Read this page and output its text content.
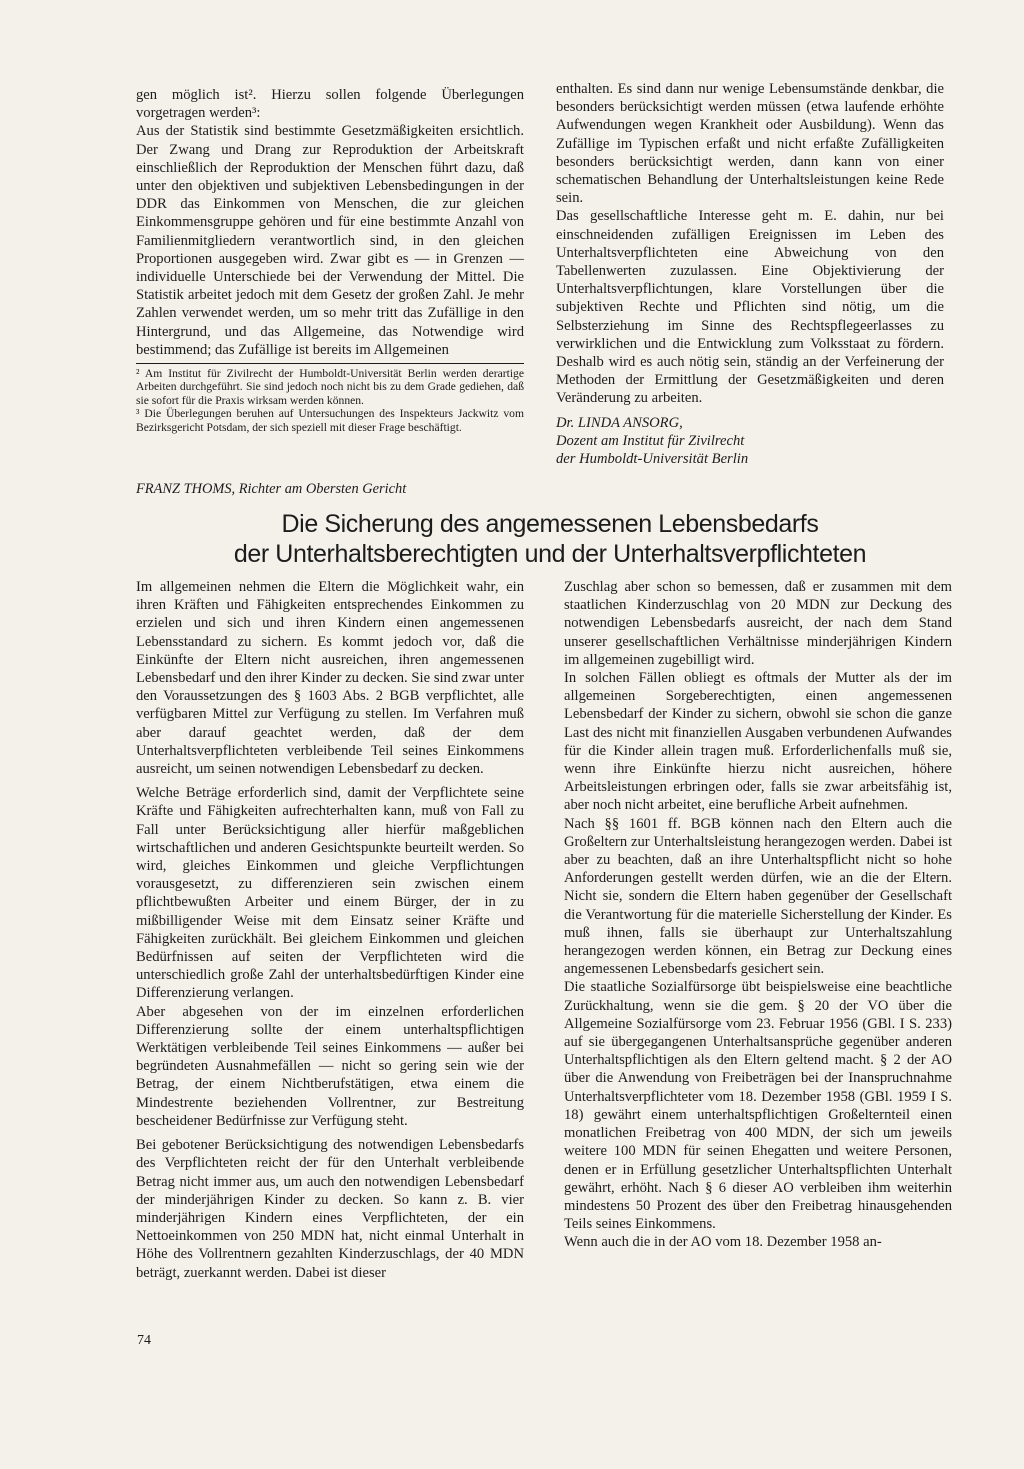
gen möglich ist². Hierzu sollen folgende Überlegungen vorgetragen werden³:

Aus der Statistik sind bestimmte Gesetzmäßigkeiten ersichtlich. Der Zwang und Drang zur Reproduktion der Arbeitskraft einschließlich der Reproduktion der Menschen führt dazu, daß unter den objektiven und subjektiven Lebensbedingungen in der DDR das Einkommen von Menschen, die zur gleichen Einkommensgruppe gehören und für eine bestimmte Anzahl von Familienmitgliedern verantwortlich sind, in den gleichen Proportionen ausgegeben wird. Zwar gibt es — in Grenzen — individuelle Unterschiede bei der Verwendung der Mittel. Die Statistik arbeitet jedoch mit dem Gesetz der großen Zahl. Je mehr Zahlen verwendet werden, um so mehr tritt das Zufällige in den Hintergrund, und das Allgemeine, das Notwendige wird bestimmend; das Zufällige ist bereits im Allgemeinen

² Am Institut für Zivilrecht der Humboldt-Universität Berlin werden derartige Arbeiten durchgeführt. Sie sind jedoch noch nicht bis zu dem Grade gediehen, daß sie sofort für die Praxis wirksam werden können.

³ Die Überlegungen beruhen auf Untersuchungen des Inspekteurs Jackwitz vom Bezirksgericht Potsdam, der sich speziell mit dieser Frage beschäftigt.

enthalten. Es sind dann nur wenige Lebensumstände denkbar, die besonders berücksichtigt werden müssen (etwa laufende erhöhte Aufwendungen wegen Krankheit oder Ausbildung). Wenn das Zufällige im Typischen erfaßt und nicht erfaßte Zufälligkeiten besonders berücksichtigt werden, dann kann von einer schematischen Behandlung der Unterhaltsleistungen keine Rede sein.

Das gesellschaftliche Interesse geht m. E. dahin, nur bei einschneidenden zufälligen Ereignissen im Leben des Unterhaltsverpflichteten eine Abweichung von den Tabellenwerten zuzulassen. Eine Objektivierung der Unterhaltsverpflichtungen, klare Vorstellungen über die subjektiven Rechte und Pflichten sind nötig, um die Selbsterziehung im Sinne des Rechtspflegeerlasses zu verwirklichen und die Entwicklung zum Volksstaat zu fördern. Deshalb wird es auch nötig sein, ständig an der Verfeinerung der Methoden der Ermittlung der Gesetzmäßigkeiten und deren Veränderung zu arbeiten.

Dr. LINDA ANSORG,

Dozent am Institut für Zivilrecht

der Humboldt-Universität Berlin

FRANZ THOMS, Richter am Obersten Gericht
Die Sicherung des angemessenen Lebensbedarfs
der Unterhaltsberechtigten und der Unterhaltsverpflichteten

Im allgemeinen nehmen die Eltern die Möglichkeit wahr, ein ihren Kräften und Fähigkeiten entsprechendes Einkommen zu erzielen und sich und ihren Kindern einen angemessenen Lebensstandard zu sichern. Es kommt jedoch vor, daß die Einkünfte der Eltern nicht ausreichen, ihren angemessenen Lebensbedarf und den ihrer Kinder zu decken. Sie sind zwar unter den Voraussetzungen des § 1603 Abs. 2 BGB verpflichtet, alle verfügbaren Mittel zur Verfügung zu stellen. Im Verfahren muß aber darauf geachtet werden, daß der dem Unterhaltsverpflichteten verbleibende Teil seines Einkommens ausreicht, um seinen notwendigen Lebensbedarf zu decken.

Welche Beträge erforderlich sind, damit der Verpflichtete seine Kräfte und Fähigkeiten aufrechterhalten kann, muß von Fall zu Fall unter Berücksichtigung aller hierfür maßgeblichen wirtschaftlichen und anderen Gesichtspunkte beurteilt werden. So wird, gleiches Einkommen und gleiche Verpflichtungen vorausgesetzt, zu differenzieren sein zwischen einem pflichtbewußten Arbeiter und einem Bürger, der in zu mißbilligender Weise mit dem Einsatz seiner Kräfte und Fähigkeiten zurückhält. Bei gleichem Einkommen und gleichen Bedürfnissen auf seiten der Verpflichteten wird die unterschiedlich große Zahl der unterhaltsbedürftigen Kinder eine Differenzierung verlangen.

Aber abgesehen von der im einzelnen erforderlichen Differenzierung sollte der einem unterhaltspflichtigen Werktätigen verbleibende Teil seines Einkommens — außer bei begründeten Ausnahmefällen — nicht so gering sein wie der Betrag, der einem Nichtberufstätigen, etwa einem die Mindestrente beziehenden Vollrentner, zur Bestreitung bescheidener Bedürfnisse zur Verfügung steht.

Bei gebotener Berücksichtigung des notwendigen Lebensbedarfs des Verpflichteten reicht der für den Unterhalt verbleibende Betrag nicht immer aus, um auch den notwendigen Lebensbedarf der minderjährigen Kinder zu decken. So kann z. B. vier minderjährigen Kindern eines Verpflichteten, der ein Nettoeinkommen von 250 MDN hat, nicht einmal Unterhalt in Höhe des Vollrentnern gezahlten Kinderzuschlags, der 40 MDN beträgt, zuerkannt werden. Dabei ist dieser

Zuschlag aber schon so bemessen, daß er zusammen mit dem staatlichen Kinderzuschlag von 20 MDN zur Deckung des notwendigen Lebensbedarfs ausreicht, der nach dem Stand unserer gesellschaftlichen Verhältnisse minderjährigen Kindern im allgemeinen zugebilligt wird.

In solchen Fällen obliegt es oftmals der Mutter als der im allgemeinen Sorgeberechtigten, einen angemessenen Lebensbedarf der Kinder zu sichern, obwohl sie schon die ganze Last des nicht mit finanziellen Ausgaben verbundenen Aufwandes für die Kinder allein tragen muß. Erforderlichenfalls muß sie, wenn ihre Einkünfte hierzu nicht ausreichen, höhere Arbeitsleistungen erbringen oder, falls sie zwar arbeitsfähig ist, aber noch nicht arbeitet, eine berufliche Arbeit aufnehmen.

Nach §§ 1601 ff. BGB können nach den Eltern auch die Großeltern zur Unterhaltsleistung herangezogen werden. Dabei ist aber zu beachten, daß an ihre Unterhaltspflicht nicht so hohe Anforderungen gestellt werden dürfen, wie an die der Eltern. Nicht sie, sondern die Eltern haben gegenüber der Gesellschaft die Verantwortung für die materielle Sicherstellung der Kinder. Es muß ihnen, falls sie überhaupt zur Unterhaltszahlung herangezogen werden können, ein Betrag zur Deckung eines angemessenen Lebensbedarfs gesichert sein.

Die staatliche Sozialfürsorge übt beispielsweise eine beachtliche Zurückhaltung, wenn sie die gem. § 20 der VO über die Allgemeine Sozialfürsorge vom 23. Februar 1956 (GBl. I S. 233) auf sie übergegangenen Unterhaltsansprüche gegenüber anderen Unterhaltspflichtigen als den Eltern geltend macht. § 2 der AO über die Anwendung von Freibeträgen bei der Inanspruchnahme Unterhaltsverpflichteter vom 18. Dezember 1958 (GBl. 1959 I S. 18) gewährt einem unterhaltspflichtigen Großelternteil einen monatlichen Freibetrag von 400 MDN, der sich um jeweils weitere 100 MDN für seinen Ehegatten und weitere Personen, denen er in Erfüllung gesetzlicher Unterhaltspflichten Unterhalt gewährt, erhöht. Nach § 6 dieser AO verbleiben ihm weiterhin mindestens 50 Prozent des über den Freibetrag hinausgehenden Teils seines Einkommens.

Wenn auch die in der AO vom 18. Dezember 1958 an-

74
